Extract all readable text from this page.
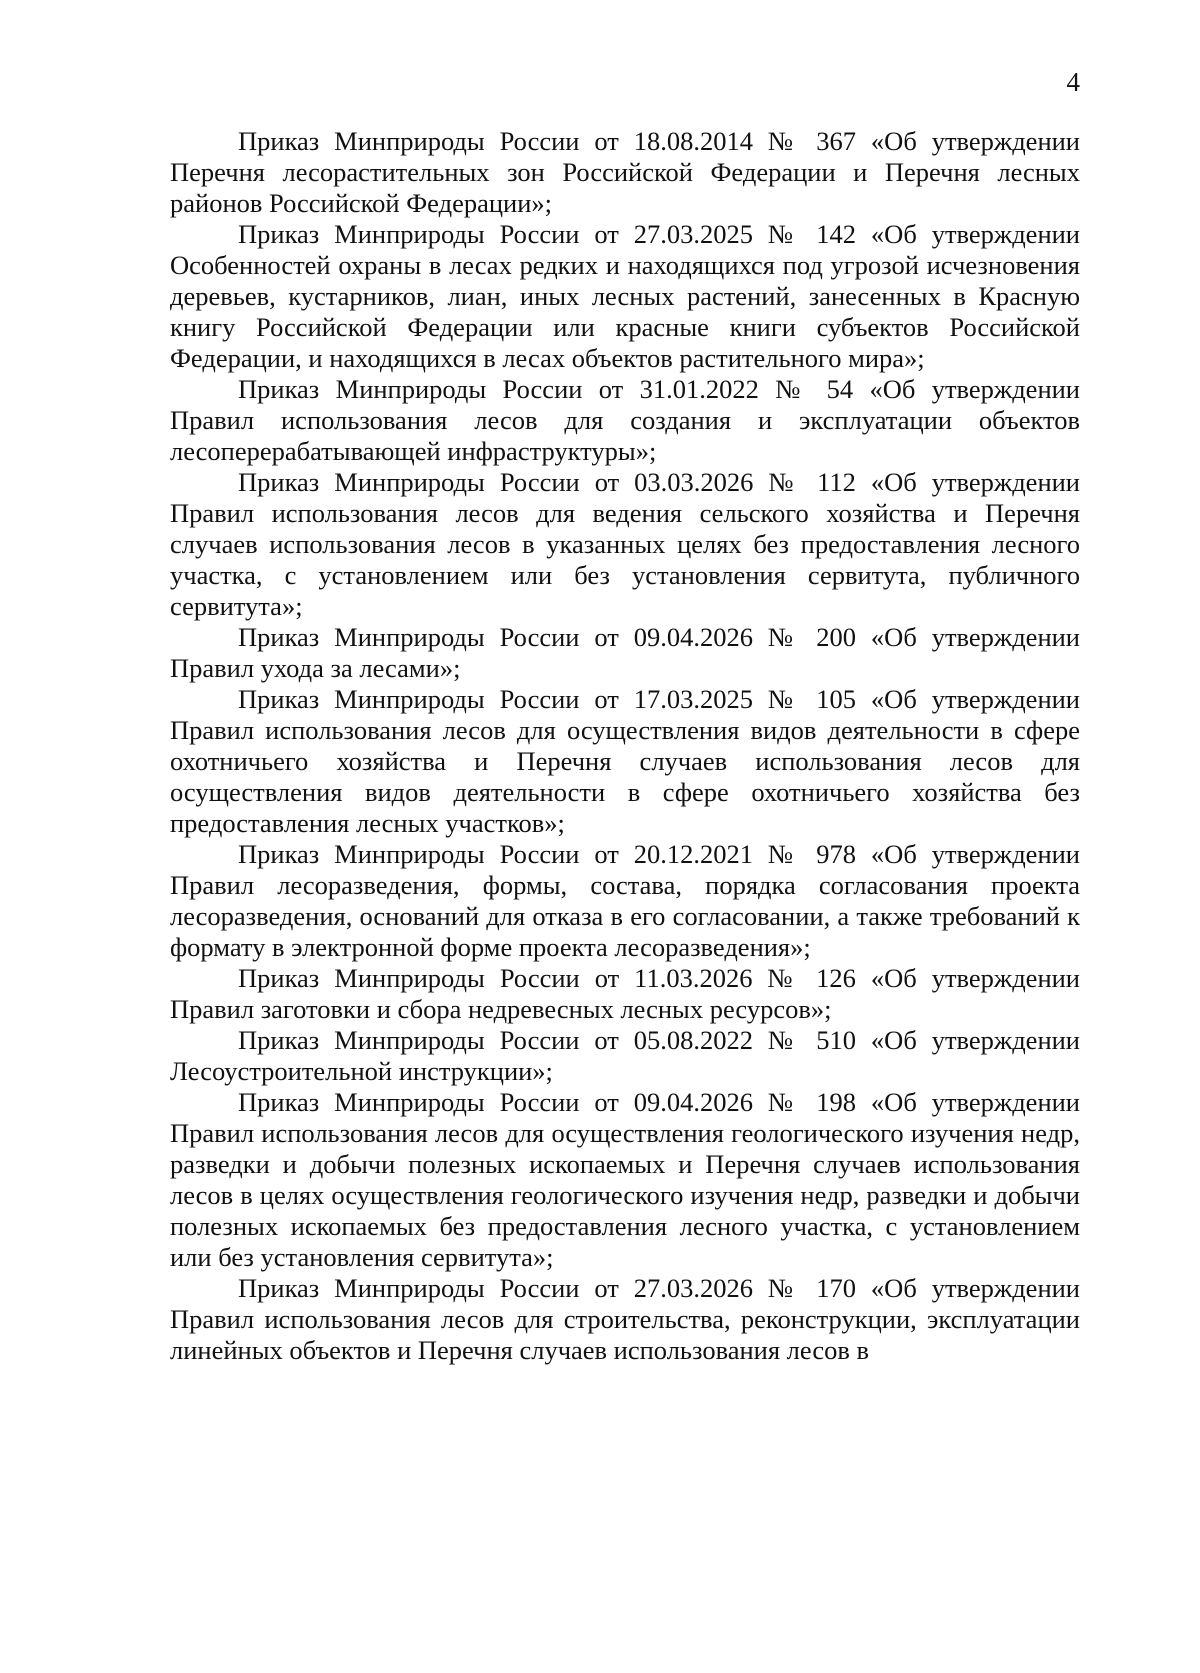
4

Приказ Минприроды России от 18.08.2014 № 367 «Об утверждении Перечня лесорастительных зон Российской Федерации и Перечня лесных районов Российской Федерации»;

Приказ Минприроды России от 27.03.2025 № 142 «Об утверждении Особенностей охраны в лесах редких и находящихся под угрозой исчезновения деревьев, кустарников, лиан, иных лесных растений, занесенных в Красную книгу Российской Федерации или красные книги субъектов Российской Федерации, и находящихся в лесах объектов растительного мира»;

Приказ Минприроды России от 31.01.2022 № 54 «Об утверждении Правил использования лесов для создания и эксплуатации объектов лесоперерабатывающей инфраструктуры»;

Приказ Минприроды России от 03.03.2026 № 112 «Об утверждении Правил использования лесов для ведения сельского хозяйства и Перечня случаев использования лесов в указанных целях без предоставления лесного участка, с установлением или без установления сервитута, публичного сервитута»;

Приказ Минприроды России от 09.04.2026 № 200 «Об утверждении Правил ухода за лесами»;

Приказ Минприроды России от 17.03.2025 № 105 «Об утверждении Правил использования лесов для осуществления видов деятельности в сфере охотничьего хозяйства и Перечня случаев использования лесов для осуществления видов деятельности в сфере охотничьего хозяйства без предоставления лесных участков»;

Приказ Минприроды России от 20.12.2021 № 978 «Об утверждении Правил лесоразведения, формы, состава, порядка согласования проекта лесоразведения, оснований для отказа в его согласовании, а также требований к формату в электронной форме проекта лесоразведения»;

Приказ Минприроды России от 11.03.2026 № 126 «Об утверждении Правил заготовки и сбора недревесных лесных ресурсов»;

Приказ Минприроды России от 05.08.2022 № 510 «Об утверждении Лесоустроительной инструкции»;

Приказ Минприроды России от 09.04.2026 № 198 «Об утверждении Правил использования лесов для осуществления геологического изучения недр, разведки и добычи полезных ископаемых и Перечня случаев использования лесов в целях осуществления геологического изучения недр, разведки и добычи полезных ископаемых без предоставления лесного участка, с установлением или без установления сервитута»;

Приказ Минприроды России от 27.03.2026 № 170 «Об утверждении Правил использования лесов для строительства, реконструкции, эксплуатации линейных объектов и Перечня случаев использования лесов в
